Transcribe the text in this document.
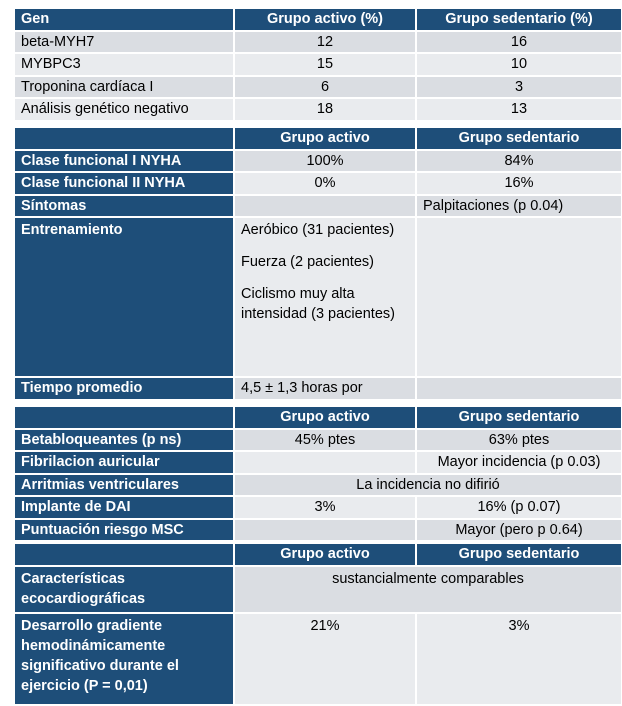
Gen	Grupo activo (%)	Grupo sedentario (%)
beta-MYH7	12	16
MYBPC3	15	10
Troponina cardíaca I	6	3
Análisis genético negativo	18	13
	Grupo activo	Grupo sedentario
Clase funcional I NYHA	100%	84%
Clase funcional II NYHA	0%	16%
Síntomas		Palpitaciones (p 0.04)
Entrenamiento	Aeróbico (31 pacientes)

Fuerza (2 pacientes)

Ciclismo muy alta intensidad (3 pacientes)	

Tiempo promedio	4,5 ± 1,3 horas por	
	Grupo activo	Grupo sedentario
Betabloqueantes (p ns)	45% ptes	63% ptes
Fibrilacion auricular		Mayor incidencia (p 0.03)
Arritmias ventriculares	La incidencia no difirió	
Implante de DAI	3%	16% (p 0.07)
Puntuación riesgo MSC		Mayor (pero p 0.64)
	Grupo activo	Grupo sedentario
Características ecocardiográficas	sustancialmente comparables	
Desarrollo gradiente hemodinámicamente significativo durante el ejercicio (P = 0,01)	21%	3%
